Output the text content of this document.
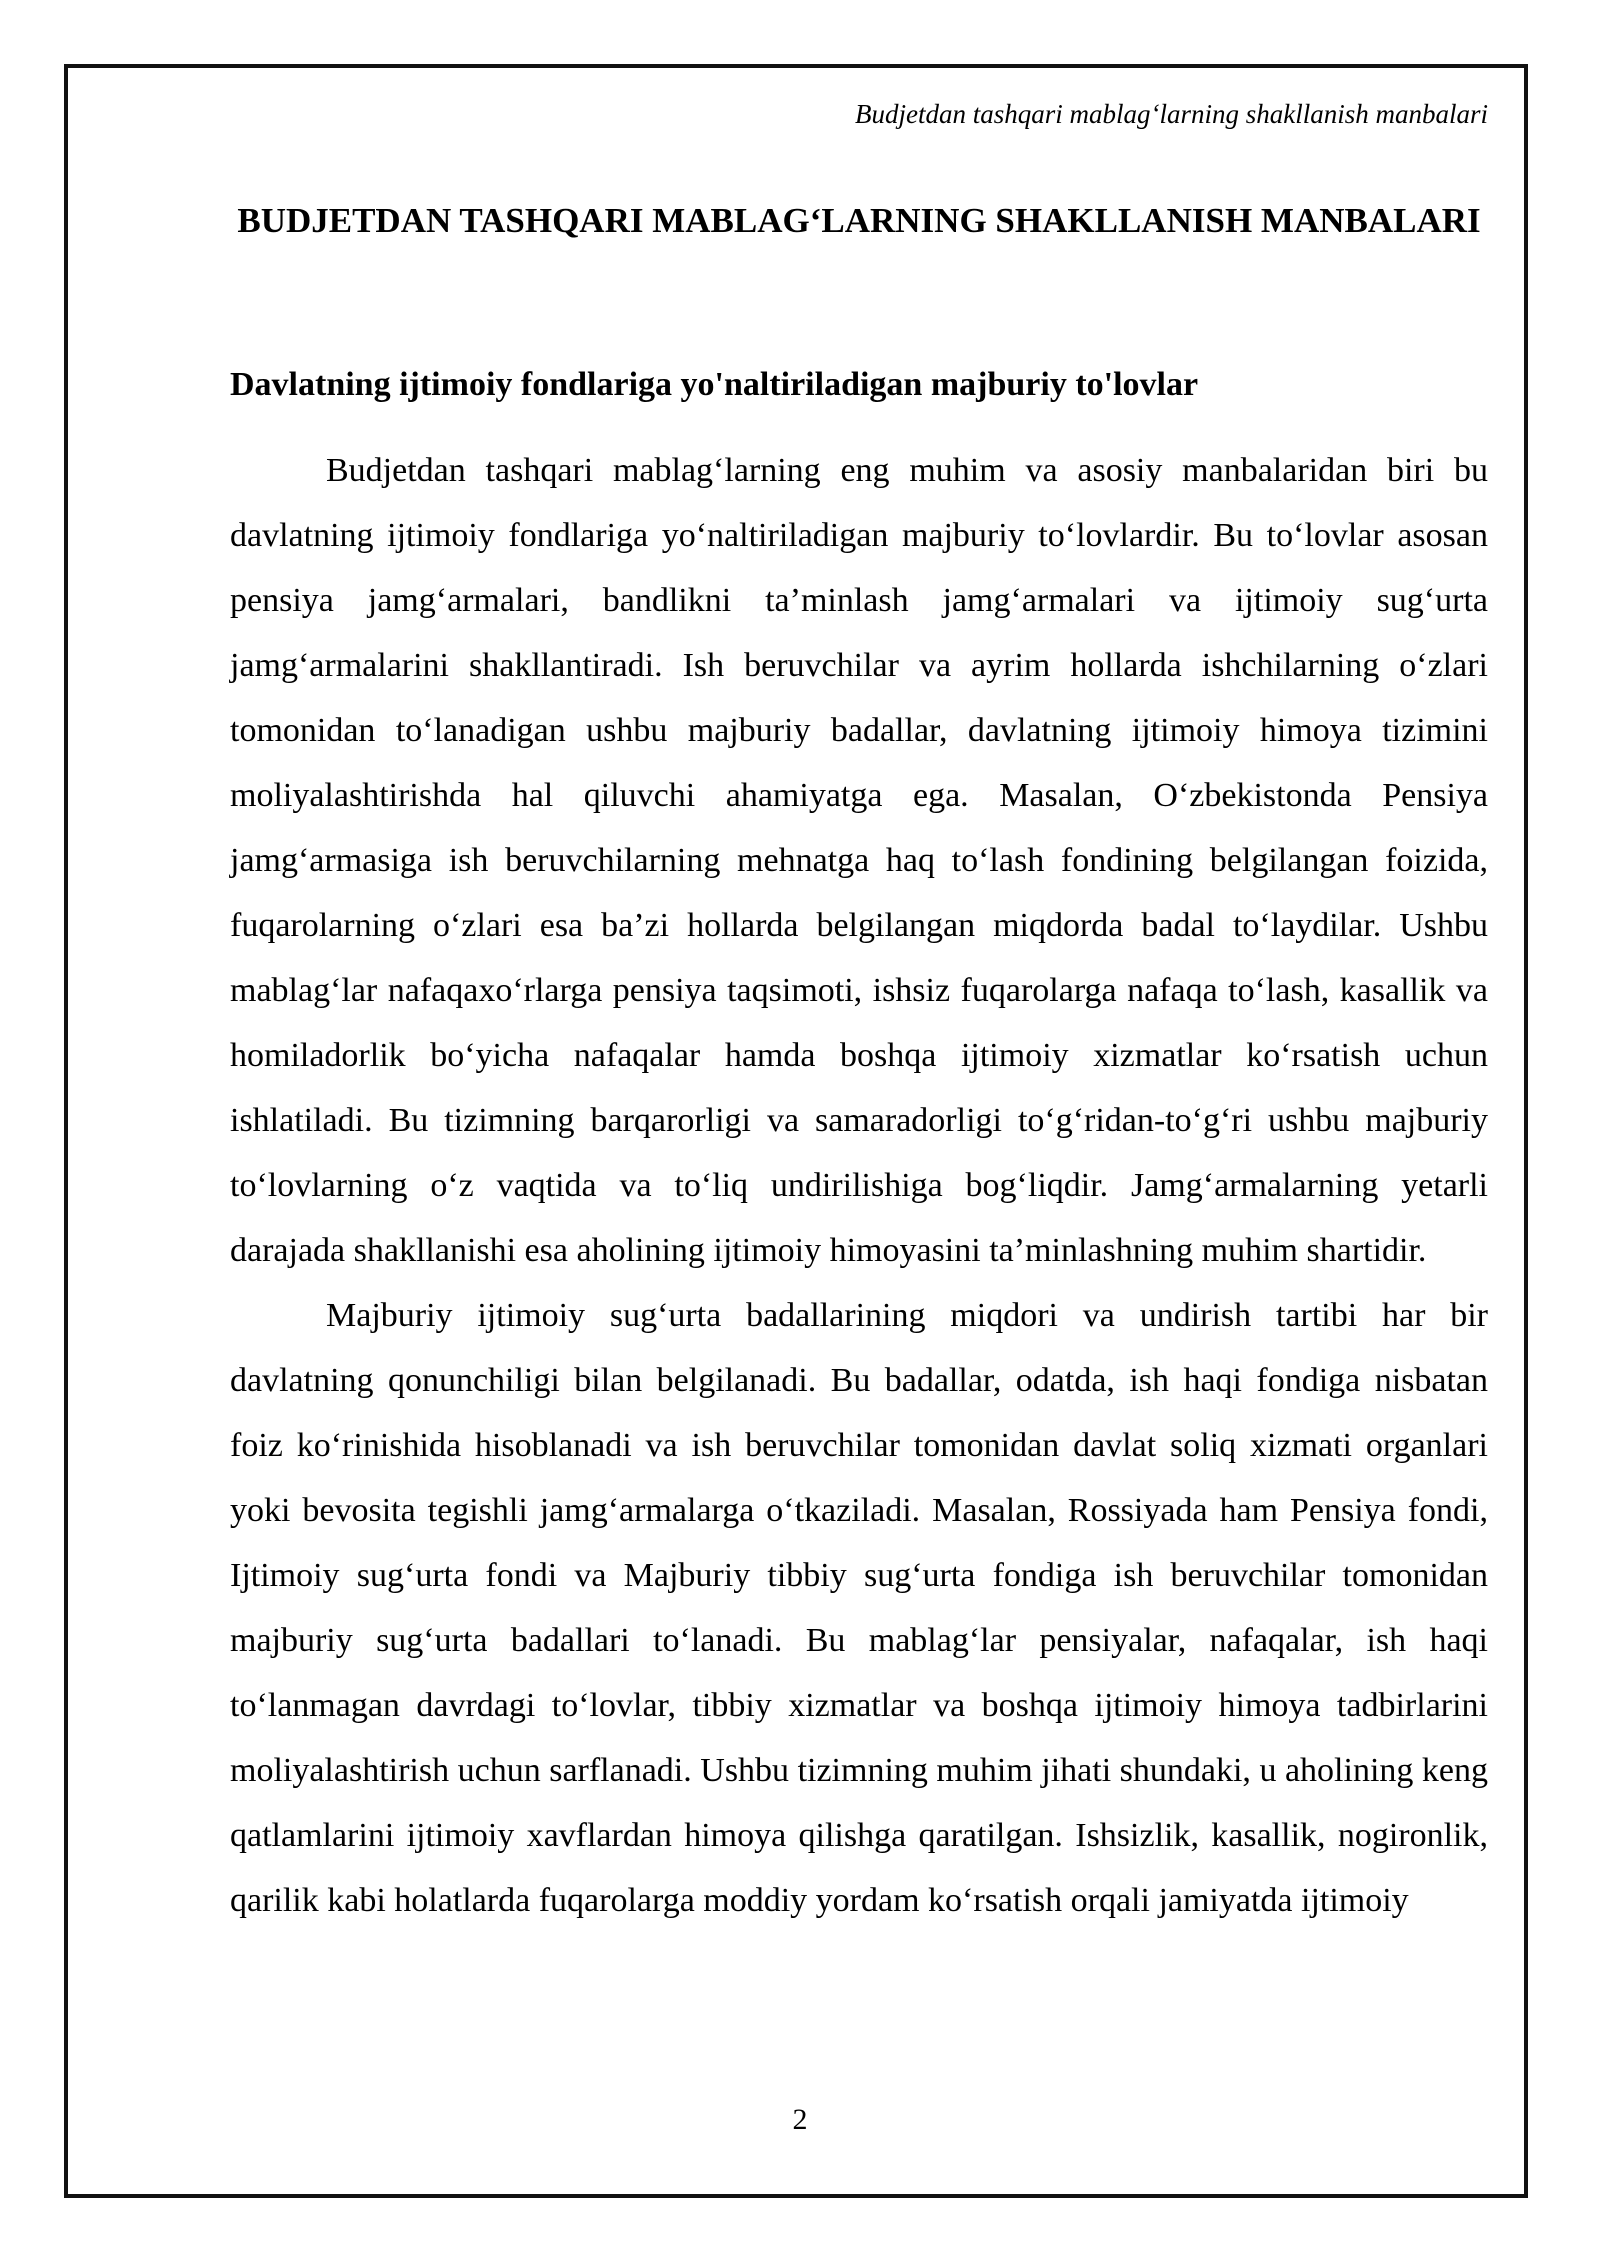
Budjetdan tashqari mablag‘larning shakllanish manbalari
BUDJETDAN TASHQARI MABLAG‘LARNING SHAKLLANISH MANBALARI
Davlatning ijtimoiy fondlariga yo'naltiriladigan majburiy to'lovlar

Budjetdan tashqari mablag‘larning eng muhim va asosiy manbalaridan biri bu davlatning ijtimoiy fondlariga yo‘naltiriladigan majburiy to‘lovlardir. Bu to‘lovlar asosan pensiya jamg‘armalari, bandlikni ta’minlash jamg‘armalari va ijtimoiy sug‘urta jamg‘armalarini shakllantiradi. Ish beruvchilar va ayrim hollarda ishchilarning o‘zlari tomonidan to‘lanadigan ushbu majburiy badallar, davlatning ijtimoiy himoya tizimini moliyalashtirishda hal qiluvchi ahamiyatga ega. Masalan, O‘zbekistonda Pensiya jamg‘armasiga ish beruvchilarning mehnatga haq to‘lash fondining belgilangan foizida, fuqarolarning o‘zlari esa ba’zi hollarda belgilangan miqdorda badal to‘laydilar. Ushbu mablag‘lar nafaqaxo‘rlarga pensiya taqsimoti, ishsiz fuqarolarga nafaqa to‘lash, kasallik va homiladorlik bo‘yicha nafaqalar hamda boshqa ijtimoiy xizmatlar ko‘rsatish uchun ishlatiladi. Bu tizimning barqarorligi va samaradorligi to‘g‘ridan-to‘g‘ri ushbu majburiy to‘lovlarning o‘z vaqtida va to‘liq undirilishiga bog‘liqdir. Jamg‘armalarning yetarli darajada shakllanishi esa aholining ijtimoiy himoyasini ta’minlashning muhim shartidir.

Majburiy ijtimoiy sug‘urta badallarining miqdori va undirish tartibi har bir davlatning qonunchiligi bilan belgilanadi. Bu badallar, odatda, ish haqi fondiga nisbatan foiz ko‘rinishida hisoblanadi va ish beruvchilar tomonidan davlat soliq xizmati organlari yoki bevosita tegishli jamg‘armalarga o‘tkaziladi. Masalan, Rossiyada ham Pensiya fondi, Ijtimoiy sug‘urta fondi va Majburiy tibbiy sug‘urta fondiga ish beruvchilar tomonidan majburiy sug‘urta badallari to‘lanadi. Bu mablag‘lar pensiyalar, nafaqalar, ish haqi to‘lanmagan davrdagi to‘lovlar, tibbiy xizmatlar va boshqa ijtimoiy himoya tadbirlarini moliyalashtirish uchun sarflanadi. Ushbu tizimning muhim jihati shundaki, u aholining keng qatlamlarini ijtimoiy xavflardan himoya qilishga qaratilgan. Ishsizlik, kasallik, nogironlik, qarilik kabi holatlarda fuqarolarga moddiy yordam ko‘rsatish orqali jamiyatda ijtimoiy

2
